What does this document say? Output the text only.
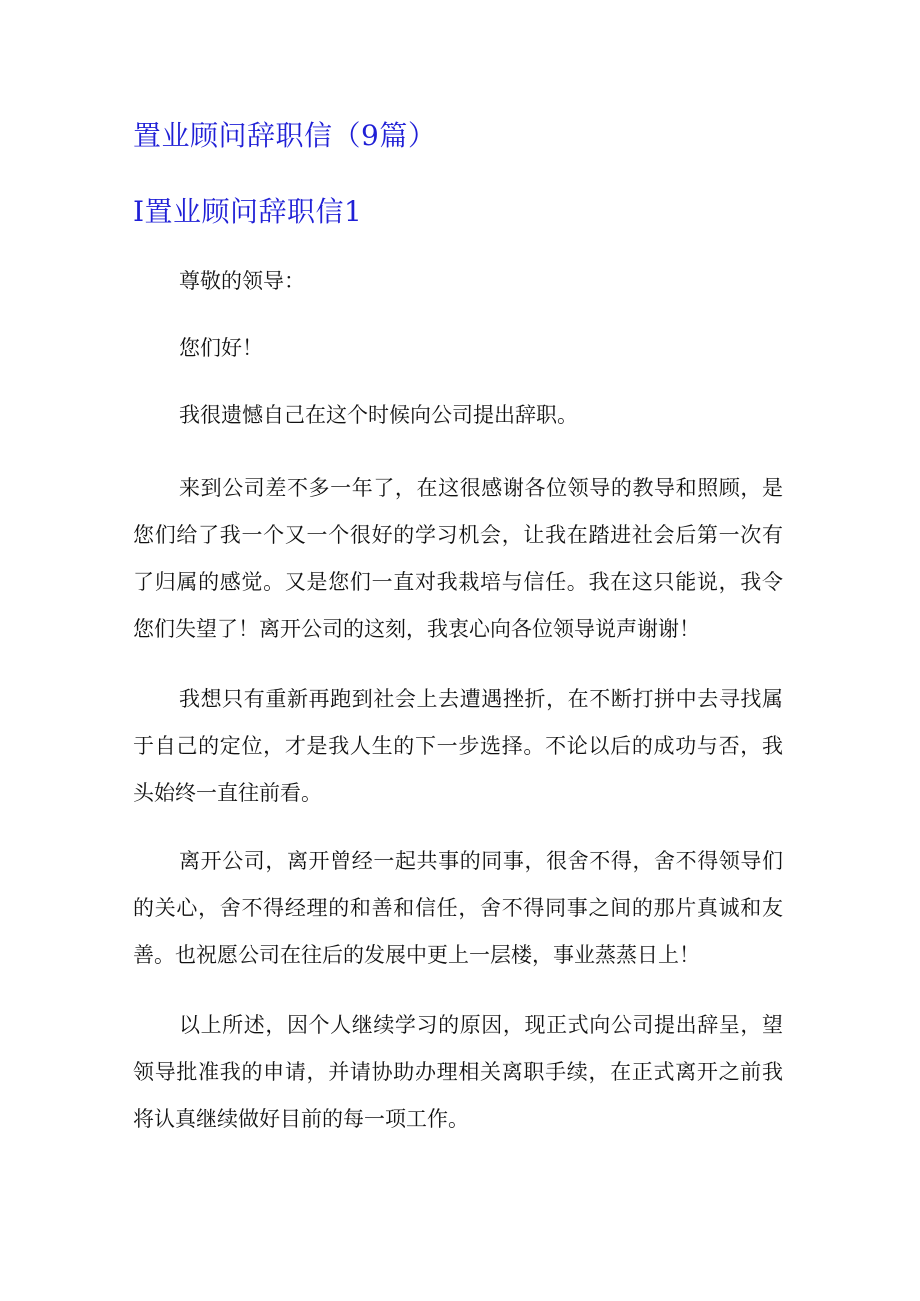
置业顾问辞职信（9篇）
I置业顾问辞职信1

尊敬的领导：

您们好！

我很遗憾自己在这个时候向公司提出辞职。

来到公司差不多一年了，在这很感谢各位领导的教导和照顾，是您们给了我一个又一个很好的学习机会，让我在踏进社会后第一次有了归属的感觉。又是您们一直对我栽培与信任。我在这只能说，我令您们失望了！离开公司的这刻，我衷心向各位领导说声谢谢！

我想只有重新再跑到社会上去遭遇挫折，在不断打拼中去寻找属于自己的定位，才是我人生的下一步选择。不论以后的成功与否，我头始终一直往前看。

离开公司，离开曾经一起共事的同事，很舍不得，舍不得领导们的关心，舍不得经理的和善和信任，舍不得同事之间的那片真诚和友善。也祝愿公司在往后的发展中更上一层楼，事业蒸蒸日上！

以上所述，因个人继续学习的原因，现正式向公司提出辞呈，望领导批准我的申请，并请协助办理相关离职手续，在正式离开之前我将认真继续做好目前的每一项工作。
